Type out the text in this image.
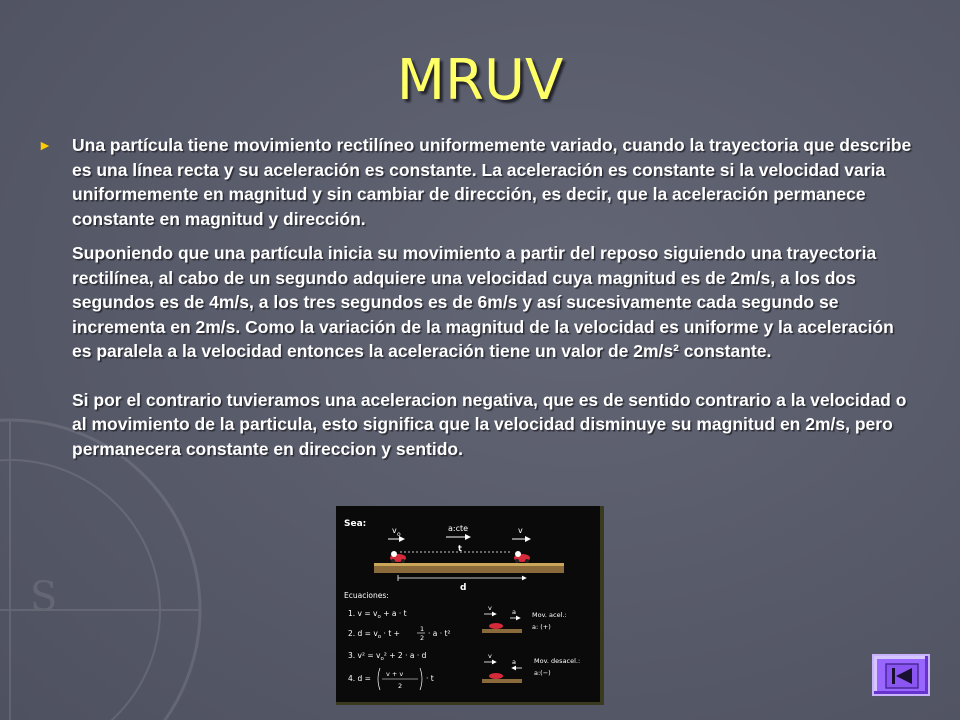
S
MRUV

► Una partícula tiene movimiento rectilíneo uniformemente variado, cuando la trayectoria que describe es una línea recta y su aceleración es constante. La aceleración es constante si la velocidad varia uniformemente en magnitud y sin cambiar de dirección, es decir, que la aceleración permanece constante en magnitud y dirección.

Suponiendo que una partícula inicia su movimiento a partir del reposo siguiendo una trayectoria rectilínea, al cabo de un segundo adquiere una velocidad cuya magnitud es de 2m/s, a los dos segundos es de 4m/s, a los tres segundos es de 6m/s y así sucesivamente cada segundo se incrementa en 2m/s. Como la variación de la magnitud de la velocidad es uniforme y la aceleración es paralela a la velocidad entonces la aceleración tiene un valor de 2m/s² constante.

Si por el contrario tuvieramos una aceleracion negativa, que es de sentido contrario a la velocidad o al movimiento de la particula, esto significa que la velocidad disminuye su magnitud en 2m/s, pero permanecera constante en direccion y sentido.

Sea:
v o
a:cte	v
t
d
Ecuaciones:
1. $v = v_o + a \cdot t$
2. $d = v_o \cdot t$ +	1
2 · a · t²
3. $v^2 = v_o^2 + 2 \cdot a \cdot d$
4. d = v + v
2
· t
v	a Mov. acel.:
a: (+)
v
a	Mov. desacel.:
a:(−)
